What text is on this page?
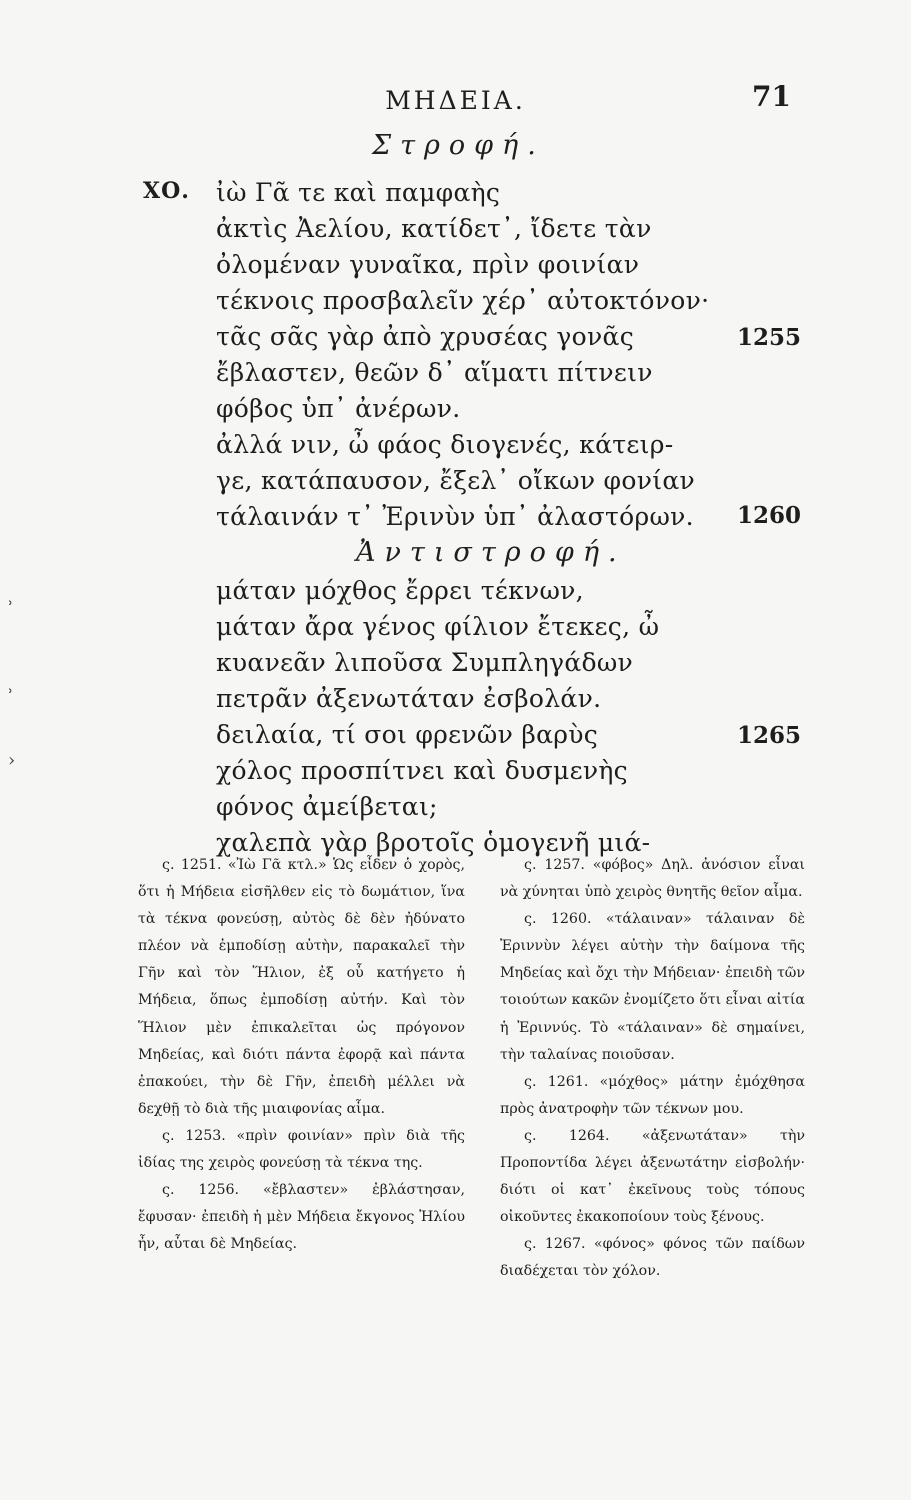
ΜΗΔΕΙΑ.	71
Στροφή.
ΧΟ. ἰὼ Γᾶ τε καὶ παμφαὴς
ἀκτὶς Ἀελίου, κατίδετ᾽, ἴδετε τὰν
ὀλομέναν γυναῖκα, πρὶν φοινίαν
τέκνοις προσβαλεῖν χέρ᾽ αὐτοκτόνον·
τᾶς σᾶς γὰρ ἀπὸ χρυσέας γονᾶς
ἔβλαστεν, θεῶν δ᾽ αἵματι πίτνειν
φόβος ὑπ᾽ ἀνέρων.
ἀλλά νιν, ὦ φάος διογενές, κάτειρ-
γε, κατάπαυσον, ἔξελ᾽ οἴκων φονίαν
τάλαινάν τ᾽ Ἐρινὺν ὑπ᾽ ἀλαστόρων.
1255
1260
Ἀντιστροφή.
μάταν μόχθος ἔρρει τέκνων,
μάταν ἄρα γένος φίλιον ἔτεκες, ὦ
κυανεᾶν λιποῦσα Συμπληγάδων
πετρᾶν ἀξενωτάταν ἐσβολάν.
δειλαία, τί σοι φρενῶν βαρὺς
χόλος προσπίτνει καὶ δυσμενὴς
φόνος ἀμείβεται;
χαλεπὰ γὰρ βροτοῖς ὁμογενῆ μιά-
1265
ʾ
ʾ
›

ς. 1251. «Ἰὼ Γᾶ κτλ.» Ὡς εἶδεν ὁ χορὸς, ὅτι ἡ Μήδεια εἰσῆλθεν εἰς τὸ δωμάτιον, ἵνα τὰ τέκνα φονεύσῃ, αὐτὸς δὲ δὲν ἠδύνατο πλέον νὰ ἐμποδίσῃ αὐτὴν, παρακαλεῖ τὴν Γῆν καὶ τὸν Ἥλιον, ἐξ οὗ κατήγετο ἡ Μήδεια, ὅπως ἐμποδίσῃ αὐτήν. Καὶ τὸν Ἥλιον μὲν ἐπικαλεῖται ὡς πρόγονον Μηδείας, καὶ διότι πάντα ἐφορᾷ καὶ πάντα ἐπακούει, τὴν δὲ Γῆν, ἐπειδὴ μέλλει νὰ δεχθῇ τὸ διὰ τῆς μιαιφονίας αἷμα.

ς. 1253. «πρὶν φοινίαν» πρὶν διὰ τῆς ἰδίας της χειρὸς φονεύσῃ τὰ τέκνα της.

ς. 1256. «ἔβλαστεν» ἐβλάστησαν, ἔφυσαν· ἐπειδὴ ἡ μὲν Μήδεια ἔκγονος Ἡλίου ἦν, αὗται δὲ Μηδείας.

ς. 1257. «φόβος» Δηλ. ἀνόσιον εἶναι νὰ χύνηται ὑπὸ χειρὸς θνητῆς θεῖον αἷμα.

ς. 1260. «τάλαιναν» τάλαιναν δὲ Ἐριννὺν λέγει αὐτὴν τὴν δαίμονα τῆς Μηδείας καὶ ὄχι τὴν Μήδειαν· ἐπειδὴ τῶν τοιούτων κακῶν ἐνομίζετο ὅτι εἶναι αἰτία ἡ Ἐριννύς. Τὸ «τάλαιναν» δὲ σημαίνει, τὴν ταλαίνας ποιοῦσαν.

ς. 1261. «μόχθος» μάτην ἐμόχθησα πρὸς ἀνατροφὴν τῶν τέκνων μου.

ς. 1264. «ἀξενωτάταν» τὴν Προποντίδα λέγει ἀξενωτάτην εἰσβολήν· διότι οἱ κατ᾽ ἐκεῖνους τοὺς τόπους οἰκοῦντες ἐκακοποίουν τοὺς ξένους.

ς. 1267. «φόνος» φόνος τῶν παίδων διαδέχεται τὸν χόλον.
